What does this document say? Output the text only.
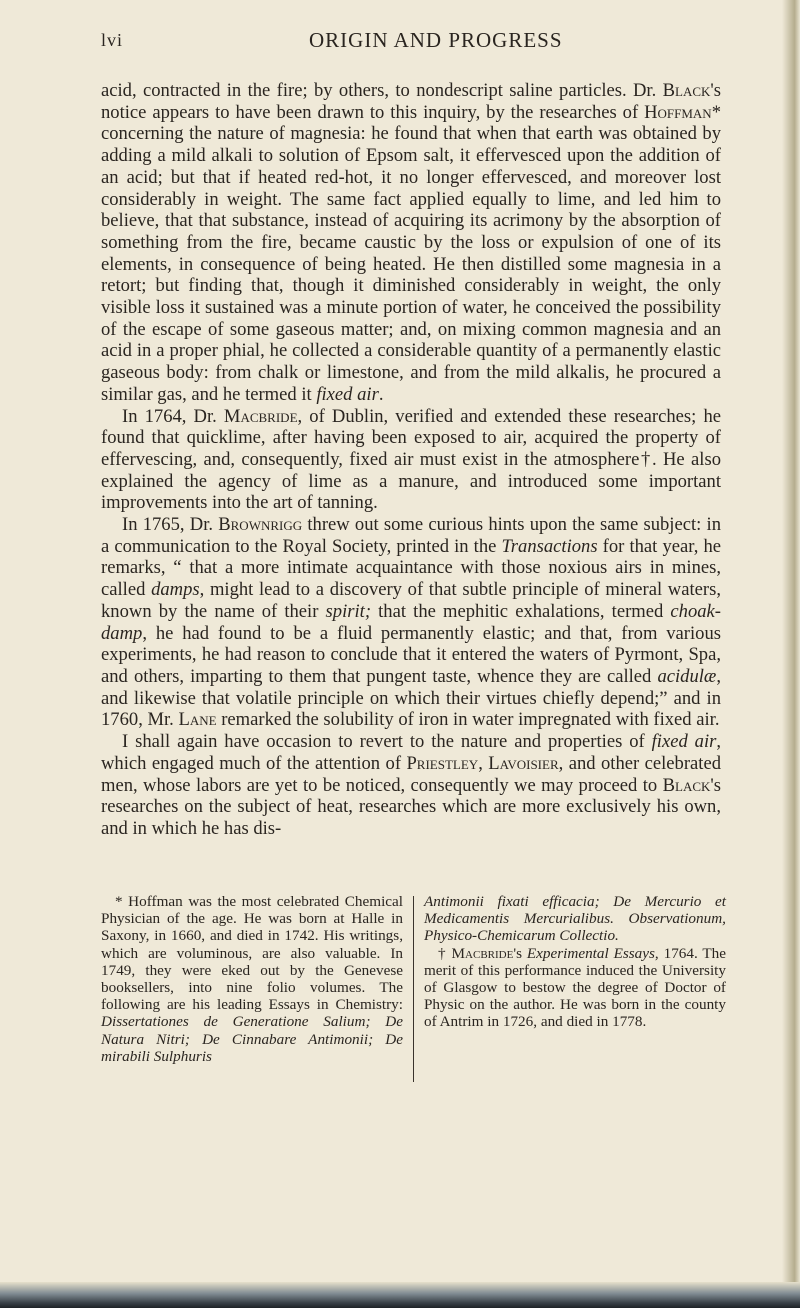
lvi	ORIGIN AND PROGRESS

acid, contracted in the fire; by others, to nondescript saline particles. Dr. Black's notice appears to have been drawn to this inquiry, by the researches of Hoffman* concerning the nature of magnesia: he found that when that earth was obtained by adding a mild alkali to solution of Epsom salt, it effervesced upon the addition of an acid; but that if heated red-hot, it no longer effervesced, and moreover lost considerably in weight. The same fact applied equally to lime, and led him to believe, that that substance, instead of acquiring its acrimony by the absorption of something from the fire, became caustic by the loss or expulsion of one of its elements, in consequence of being heated. He then distilled some magnesia in a retort; but finding that, though it diminished considerably in weight, the only visible loss it sustained was a minute portion of water, he conceived the possibility of the escape of some gaseous matter; and, on mixing common magnesia and an acid in a proper phial, he collected a considerable quantity of a permanently elastic gaseous body: from chalk or limestone, and from the mild alkalis, he procured a similar gas, and he termed it fixed air.

In 1764, Dr. Macbride, of Dublin, verified and extended these researches; he found that quicklime, after having been exposed to air, acquired the property of effervescing, and, consequently, fixed air must exist in the atmosphere†. He also explained the agency of lime as a manure, and introduced some important improvements into the art of tanning.

In 1765, Dr. Brownrigg threw out some curious hints upon the same subject: in a communication to the Royal Society, printed in the Transactions for that year, he remarks, “ that a more intimate acquaintance with those noxious airs in mines, called damps, might lead to a discovery of that subtle principle of mineral waters, known by the name of their spirit; that the mephitic exhalations, termed choak-damp, he had found to be a fluid permanently elastic; and that, from various experiments, he had reason to conclude that it entered the waters of Pyrmont, Spa, and others, imparting to them that pungent taste, whence they are called acidulæ, and likewise that volatile principle on which their virtues chiefly depend;” and in 1760, Mr. Lane remarked the solubility of iron in water impregnated with fixed air.

I shall again have occasion to revert to the nature and properties of fixed air, which engaged much of the attention of Priestley, Lavoisier, and other celebrated men, whose labors are yet to be noticed, consequently we may proceed to Black's researches on the subject of heat, researches which are more exclusively his own, and in which he has dis-

* Hoffman was the most celebrated Chemical Physician of the age. He was born at Halle in Saxony, in 1660, and died in 1742. His writings, which are voluminous, are also valuable. In 1749, they were eked out by the Genevese booksellers, into nine folio volumes. The following are his leading Essays in Chemistry: Dissertationes de Generatione Salium; De Natura Nitri; De Cinnabare Antimonii; De mirabili Sulphuris

Antimonii fixati efficacia; De Mercurio et Medicamentis Mercurialibus. Observationum, Physico-Chemicarum Collectio.

† Macbride's Experimental Essays, 1764. The merit of this performance induced the University of Glasgow to bestow the degree of Doctor of Physic on the author. He was born in the county of Antrim in 1726, and died in 1778.
